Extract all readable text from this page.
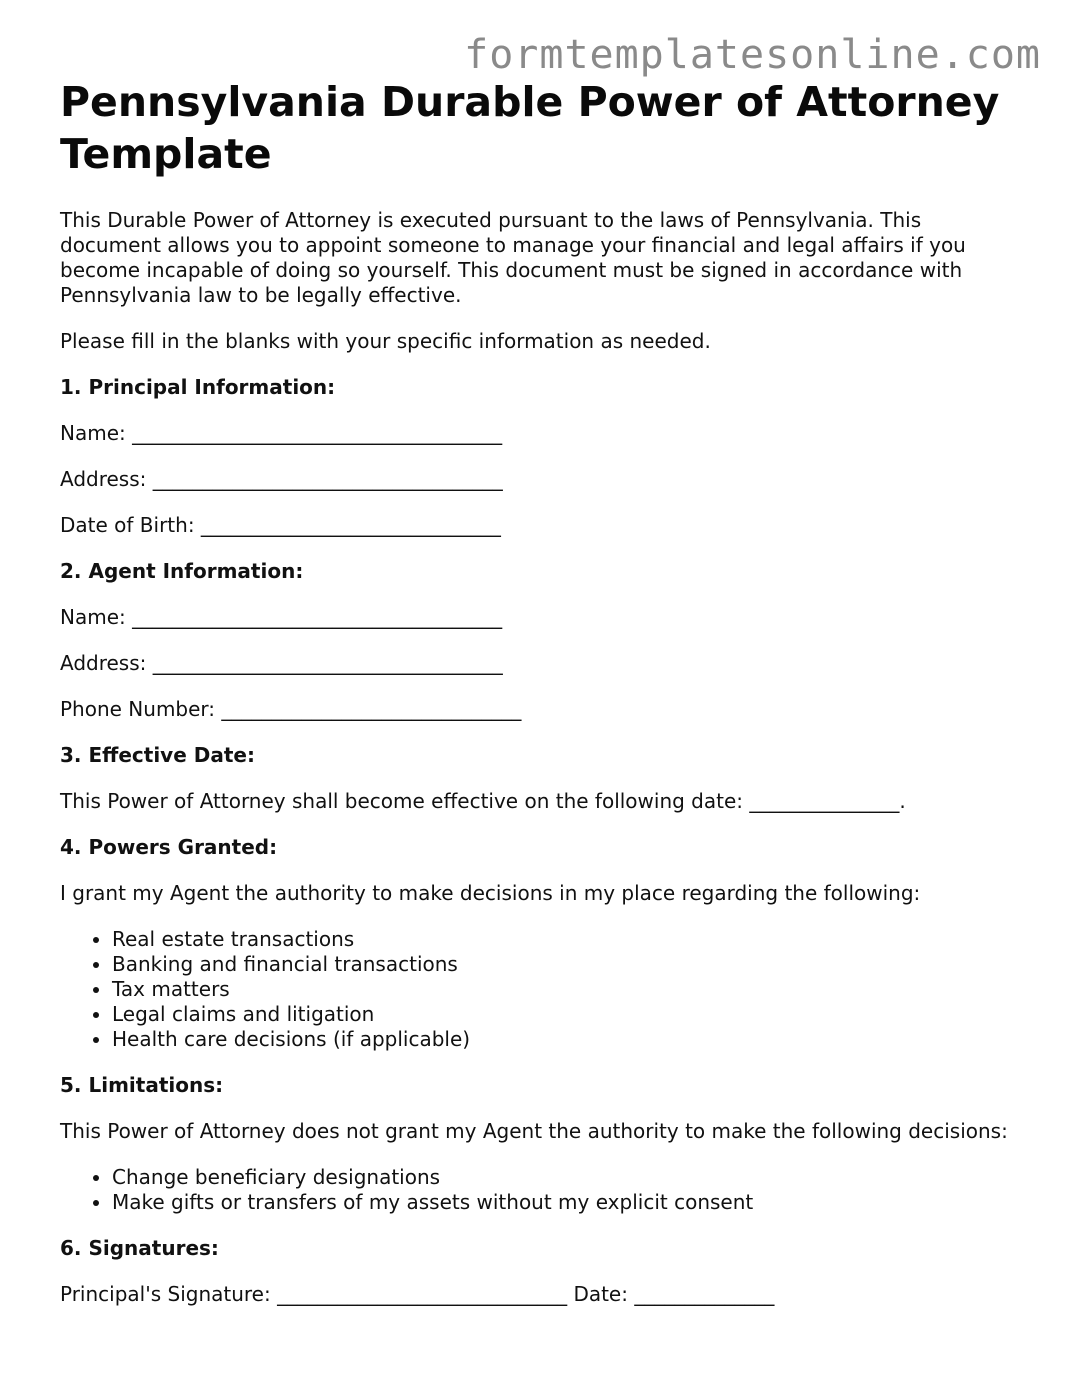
formtemplatesonline.com
Pennsylvania Durable Power of Attorney Template

This Durable Power of Attorney is executed pursuant to the laws of Pennsylvania. This document allows you to appoint someone to manage your financial and legal affairs if you become incapable of doing so yourself. This document must be signed in accordance with Pennsylvania law to be legally effective.

Please fill in the blanks with your specific information as needed.

1. Principal Information:

Name: _____________________________________

Address: ___________________________________

Date of Birth: ______________________________

2. Agent Information:

Name: _____________________________________

Address: ___________________________________

Phone Number: ______________________________

3. Effective Date:

This Power of Attorney shall become effective on the following date: _______________.

4. Powers Granted:

I grant my Agent the authority to make decisions in my place regarding the following:

• Real estate transactions
• Banking and financial transactions
• Tax matters
• Legal claims and litigation
• Health care decisions (if applicable)

5. Limitations:

This Power of Attorney does not grant my Agent the authority to make the following decisions:

• Change beneficiary designations
• Make gifts or transfers of my assets without my explicit consent

6. Signatures:

Principal's Signature: _____________________________ Date: ______________
